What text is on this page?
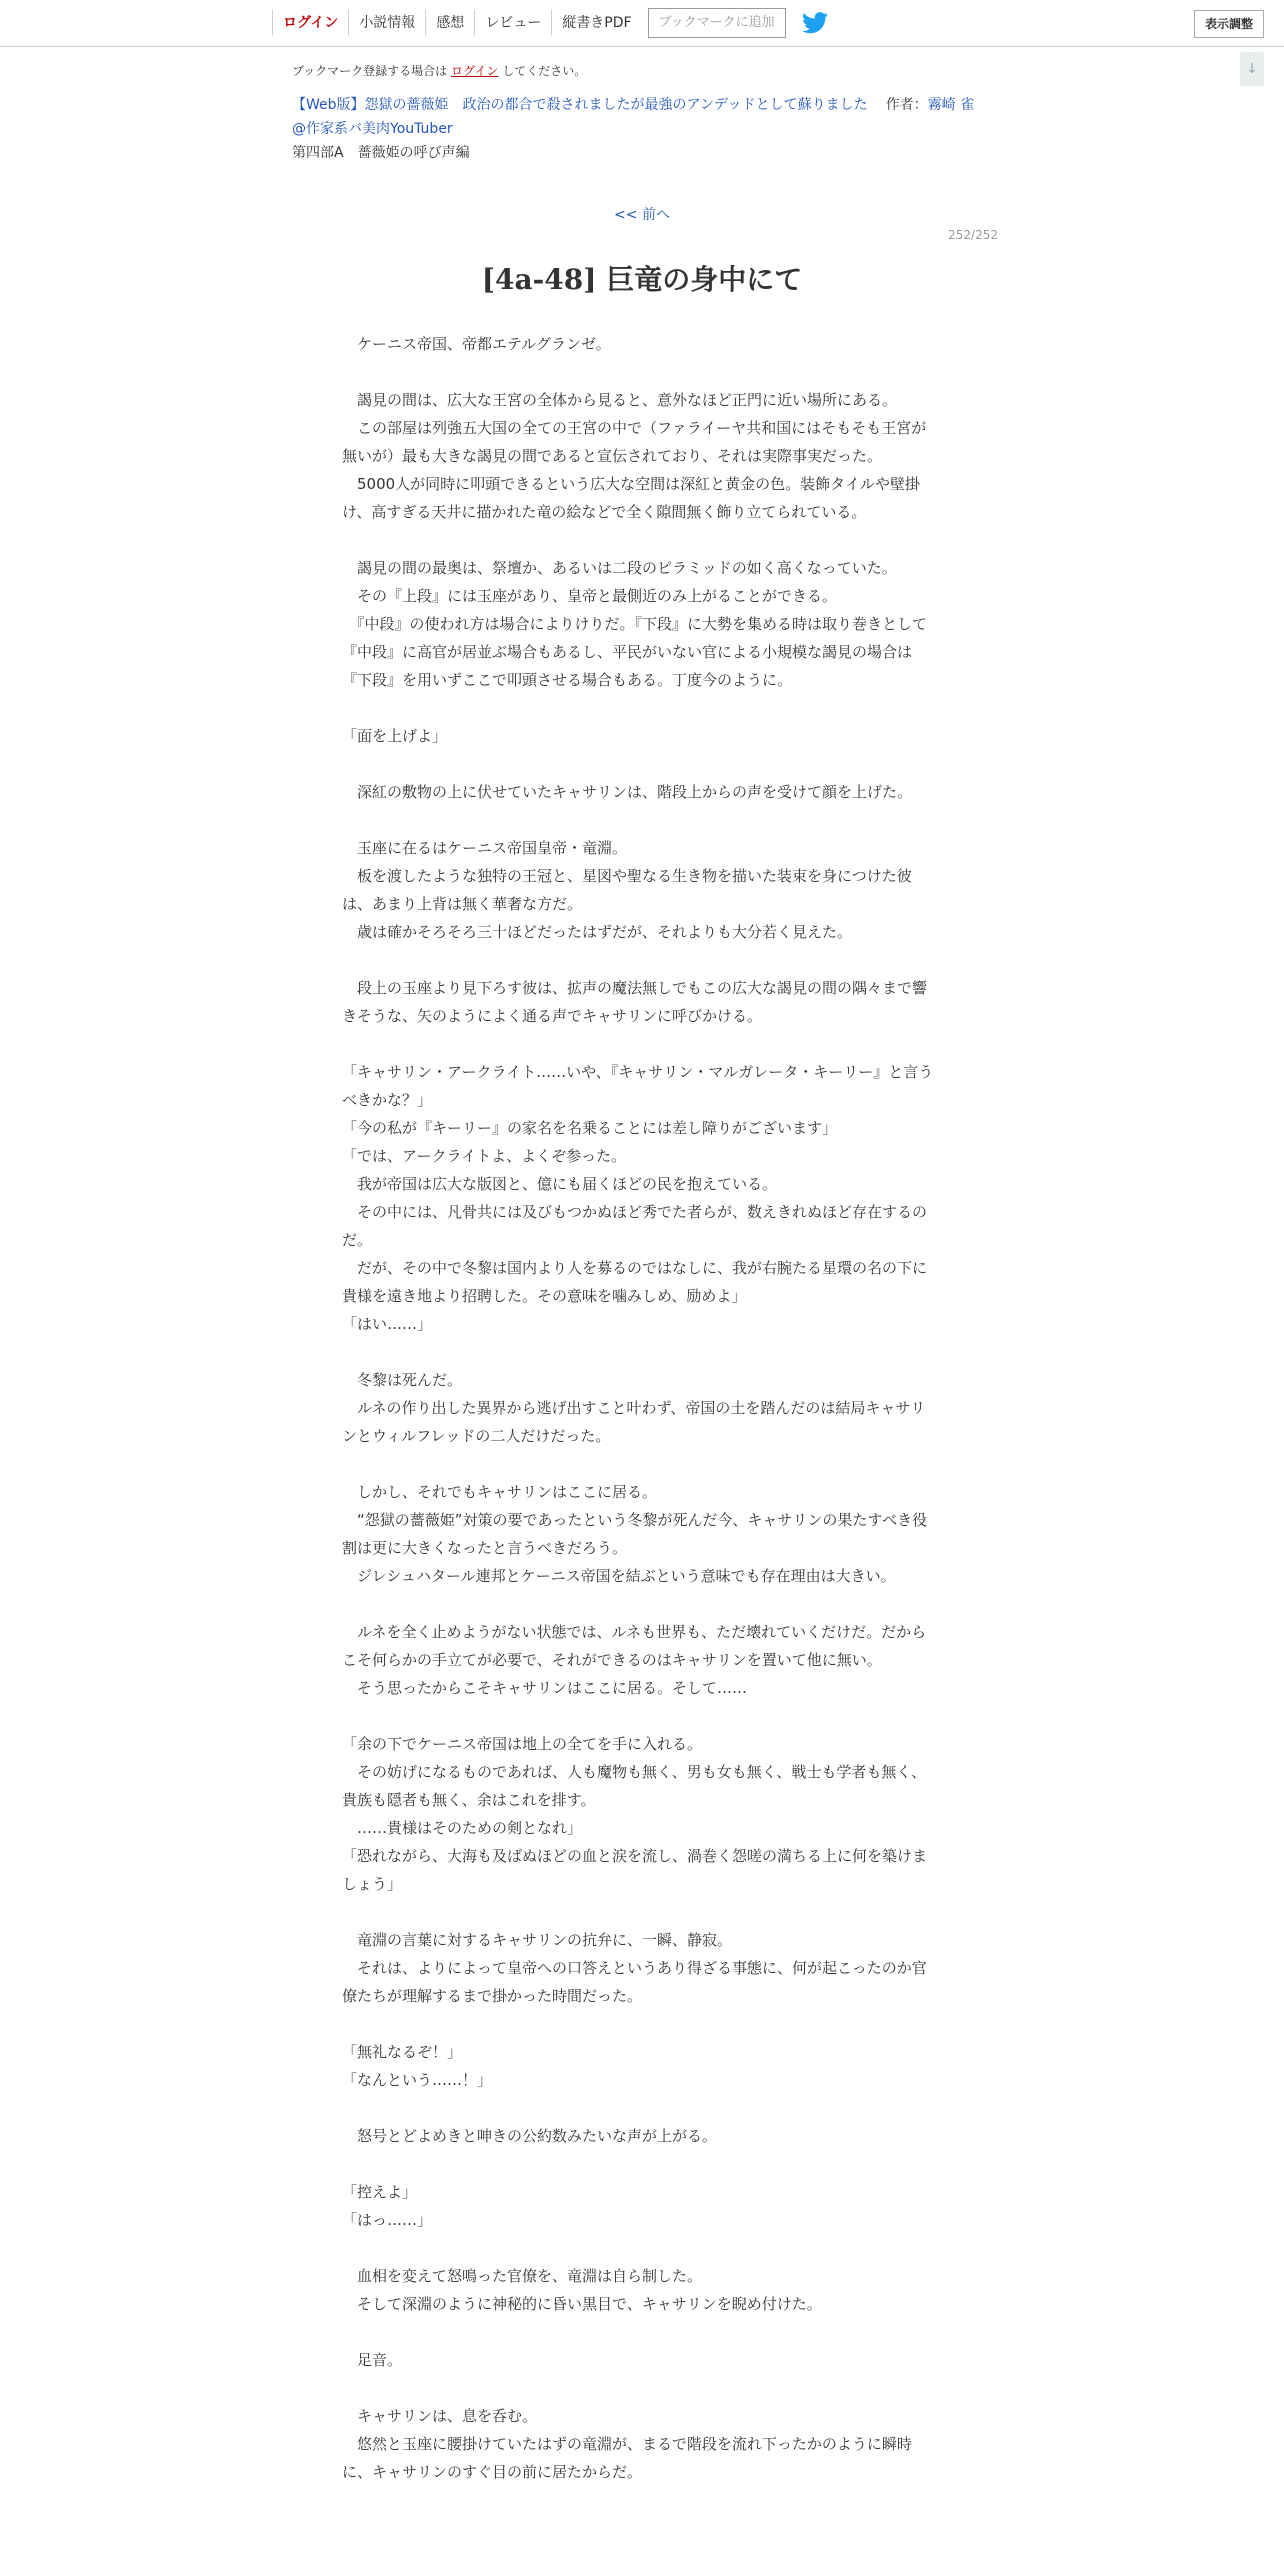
ログイン	小説情報	感想	レビュー	縦書きPDF	ブックマークに追加	表示調整
↓
ブックマーク登録する場合は ログイン してください。
【Web版】怨獄の薔薇姫　政治の都合で殺されましたが最強のアンデッドとして蘇りました 作者：霧崎 雀
@作家系バ美肉YouTuber
第四部A　薔薇姫の呼び声編
<< 前へ
252/252
[4a-48] 巨竜の身中にて

　ケーニス帝国、帝都エテルグランゼ。

　謁見の間は、広大な王宮の全体から見ると、意外なほど正門に近い場所にある。

　この部屋は列強五大国の全ての王宮の中で（ファライーヤ共和国にはそもそも王宮が無いが）最も大きな謁見の間であると宣伝されており、それは実際事実だった。

　5000人が同時に叩頭できるという広大な空間は深紅と黄金の色。装飾タイルや壁掛け、高すぎる天井に描かれた竜の絵などで全く隙間無く飾り立てられている。

　謁見の間の最奥は、祭壇か、あるいは二段のピラミッドの如く高くなっていた。

　その『上段』には玉座があり、皇帝と最側近のみ上がることができる。

　『中段』の使われ方は場合によりけりだ。『下段』に大勢を集める時は取り巻きとして『中段』に高官が居並ぶ場合もあるし、平民がいない官による小規模な謁見の場合は『下段』を用いずここで叩頭させる場合もある。丁度今のように。

「面を上げよ」

　深紅の敷物の上に伏せていたキャサリンは、階段上からの声を受けて顔を上げた。

　玉座に在るはケーニス帝国皇帝・竜淵。

　板を渡したような独特の王冠と、星図や聖なる生き物を描いた装束を身につけた彼は、あまり上背は無く華奢な方だ。

　歳は確かそろそろ三十ほどだったはずだが、それよりも大分若く見えた。

　段上の玉座より見下ろす彼は、拡声の魔法無しでもこの広大な謁見の間の隅々まで響きそうな、矢のようによく通る声でキャサリンに呼びかける。

「キャサリン・アークライト……いや、『キャサリン・マルガレータ・キーリー』と言うべきかな？」

「今の私が『キーリー』の家名を名乗ることには差し障りがございます」

「では、アークライトよ、よくぞ参った。

　我が帝国は広大な版図と、億にも届くほどの民を抱えている。

　その中には、凡骨共には及びもつかぬほど秀でた者らが、数えきれぬほど存在するのだ。

　だが、その中で冬黎は国内より人を募るのではなしに、我が右腕たる星環の名の下に貴様を遠き地より招聘した。その意味を噛みしめ、励めよ」

「はい……」

　冬黎は死んだ。

　ルネの作り出した異界から逃げ出すこと叶わず、帝国の土を踏んだのは結局キャサリンとウィルフレッドの二人だけだった。

　しかし、それでもキャサリンはここに居る。

　“怨獄の薔薇姫”対策の要であったという冬黎が死んだ今、キャサリンの果たすべき役割は更に大きくなったと言うべきだろう。

　ジレシュハタール連邦とケーニス帝国を結ぶという意味でも存在理由は大きい。

　ルネを全く止めようがない状態では、ルネも世界も、ただ壊れていくだけだ。だからこそ何らかの手立てが必要で、それができるのはキャサリンを置いて他に無い。

　そう思ったからこそキャサリンはここに居る。そして……

「余の下でケーニス帝国は地上の全てを手に入れる。

　その妨げになるものであれば、人も魔物も無く、男も女も無く、戦士も学者も無く、貴族も隠者も無く、余はこれを排す。

　……貴様はそのための剣となれ」

「恐れながら、大海も及ばぬほどの血と涙を流し、渦巻く怨嗟の満ちる上に何を築けましょう」

　竜淵の言葉に対するキャサリンの抗弁に、一瞬、静寂。

　それは、よりによって皇帝への口答えというあり得ざる事態に、何が起こったのか官僚たちが理解するまで掛かった時間だった。

「無礼なるぞ！」

「なんという……！」

　怒号とどよめきと呻きの公約数みたいな声が上がる。

「控えよ」

「はっ……」

　血相を変えて怒鳴った官僚を、竜淵は自ら制した。

　そして深淵のように神秘的に昏い黒目で、キャサリンを睨め付けた。

　足音。

　キャサリンは、息を呑む。

　悠然と玉座に腰掛けていたはずの竜淵が、まるで階段を流れ下ったかのように瞬時に、キャサリンのすぐ目の前に居たからだ。
